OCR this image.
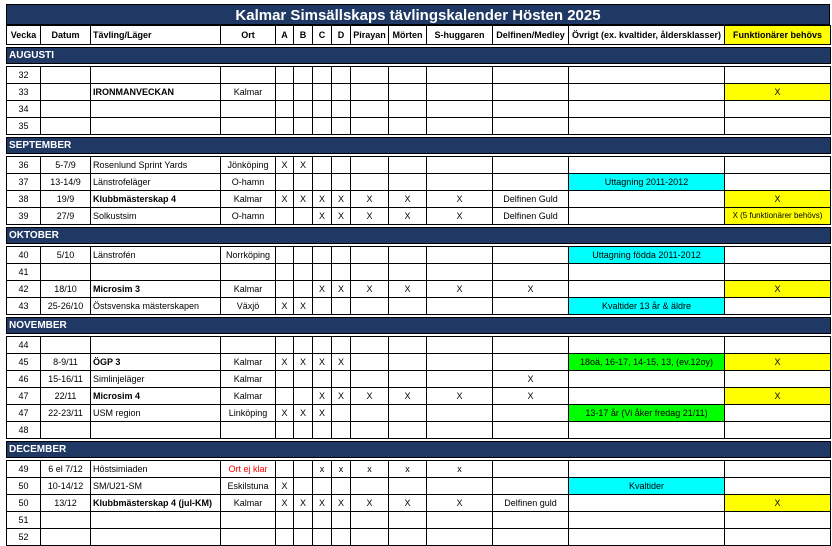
Kalmar Simsällskaps tävlingskalender Hösten 2025
Vecka	Datum	Tävling/Läger	Ort	A	B	C	D	Pirayan	Mörten	S-huggaren	Delfinen/Medley	Övrigt (ex. kvaltider, åldersklasser)	Funktionärer behövs

AUGUSTI													

32													
33		IRONMANVECKAN	Kalmar										X
34													
35													

SEPTEMBER													

36	5-7/9	Rosenlund Sprint Yards	Jönköping	X	X								
37	13-14/9	Länstrofeläger	O-hamn									Uttagning 2011-2012	
38	19/9	Klubbmästerskap 4	Kalmar	X	X	X	X	X	X	X	Delfinen Guld		X
39	27/9	Solkustsim	O-hamn			X	X	X	X	X	Delfinen Guld		X (5 funktionärer behövs)

OKTOBER													

40	5/10	Länstrofén	Norrköping									Uttagning födda 2011-2012	
41													
42	18/10	Microsim 3	Kalmar			X	X	X	X	X	X		X
43	25-26/10	Östsvenska mästerskapen	Växjö	X	X							Kvaltider 13 år & äldre	

NOVEMBER													

44													
45	8-9/11	ÖGP 3	Kalmar	X	X	X	X					18oä, 16-17, 14-15, 13, (ev.12oy)	X
46	15-16/11	Simlinjeläger	Kalmar								X		
47	22/11	Microsim 4	Kalmar			X	X	X	X	X	X		X
47	22-23/11	USM region	Linköping	X	X	X						13-17 år (Vi åker fredag 21/11)	
48													

DECEMBER													

49	6 el 7/12	Höstsimiaden	Ort ej klar			x	x	x	x	x			
50	10-14/12	SM/U21-SM	Eskilstuna	X								Kvaltider	
50	13/12	Klubbmästerskap 4 (jul-KM)	Kalmar	X	X	X	X	X	X	X	Delfinen guld		X
51													
52													
